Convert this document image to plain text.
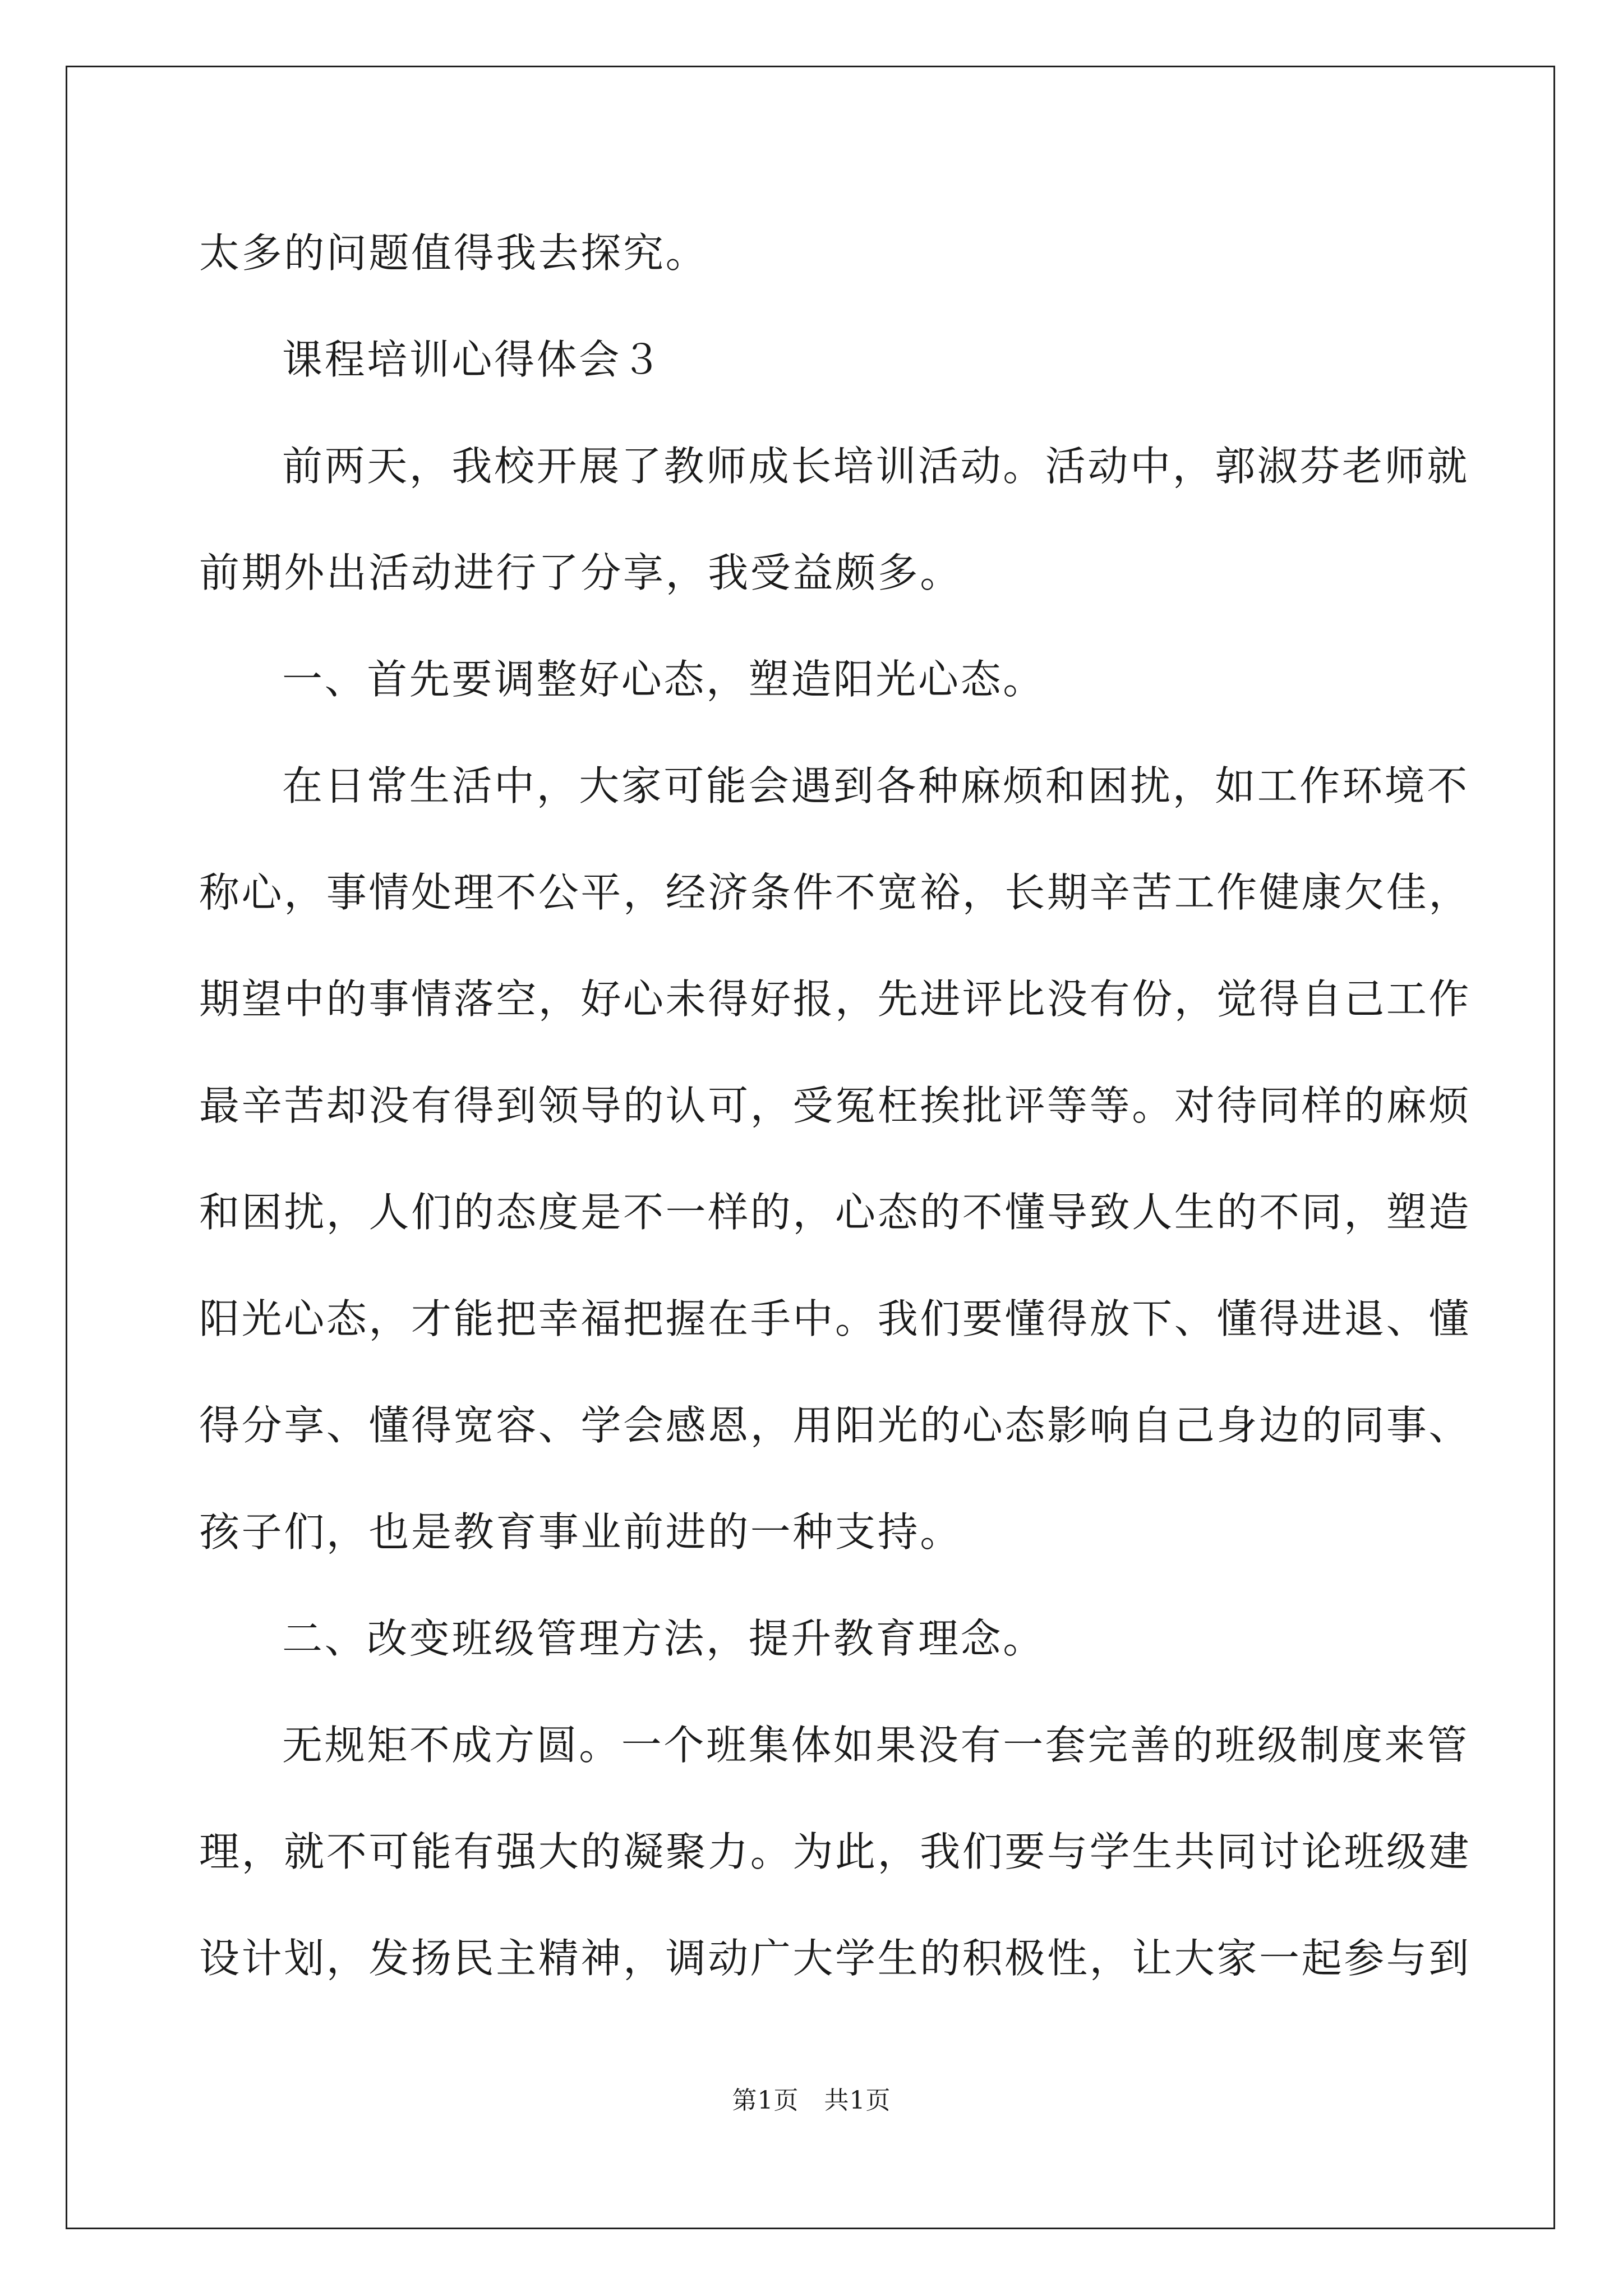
太多的问题值得我去探究。
课程培训心得体会３
前两天，我校开展了教师成长培训活动。活动中，郭淑芬老师就
前期外出活动进行了分享，我受益颇多。
一、首先要调整好心态，塑造阳光心态。
在日常生活中，大家可能会遇到各种麻烦和困扰，如工作环境不
称心，事情处理不公平，经济条件不宽裕，长期辛苦工作健康欠佳，
期望中的事情落空，好心未得好报，先进评比没有份，觉得自己工作
最辛苦却没有得到领导的认可，受冤枉挨批评等等。对待同样的麻烦
和困扰，人们的态度是不一样的，心态的不懂导致人生的不同，塑造
阳光心态，才能把幸福把握在手中。我们要懂得放下、懂得进退、懂
得分享、懂得宽容、学会感恩，用阳光的心态影响自己身边的同事、
孩子们，也是教育事业前进的一种支持。
二、改变班级管理方法，提升教育理念。
无规矩不成方圆。一个班集体如果没有一套完善的班级制度来管
理，就不可能有强大的凝聚力。为此，我们要与学生共同讨论班级建
设计划，发扬民主精神，调动广大学生的积极性，让大家一起参与到
第1页　共1页
